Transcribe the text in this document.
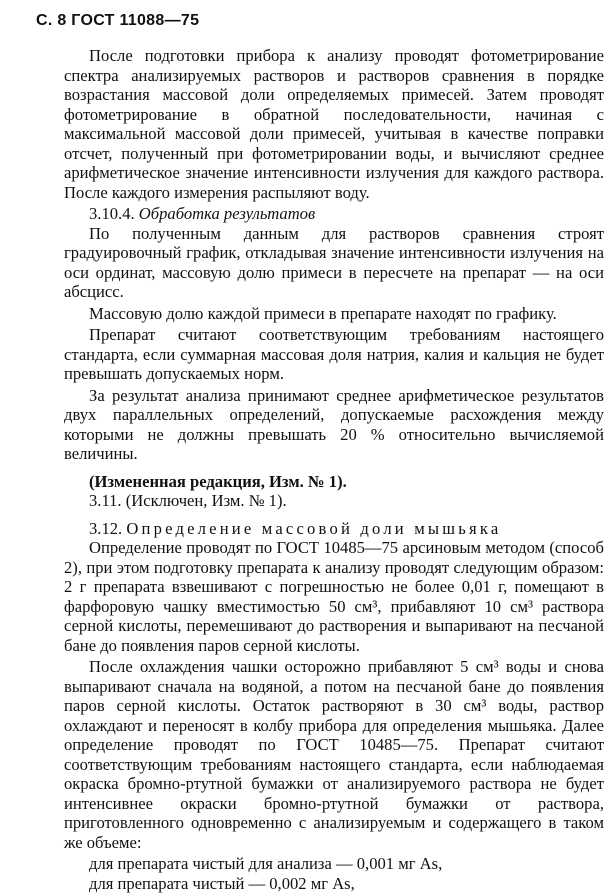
С. 8 ГОСТ 11088—75

После подготовки прибора к анализу проводят фотометрирование спектра анализируемых растворов и растворов сравнения в порядке возрастания массовой доли определяемых примесей. Затем проводят фотометрирование в обратной последовательности, начиная с максимальной массовой доли примесей, учитывая в качестве поправки отсчет, полученный при фотометрировании воды, и вычисляют среднее арифметическое значение интенсивности излучения для каждого раствора. После каждого измерения распыляют воду.

3.10.4. Обработка результатов

По полученным данным для растворов сравнения строят градуировочный график, откладывая значение интенсивности излучения на оси ординат, массовую долю примеси в пересчете на препарат — на оси абсцисс.

Массовую долю каждой примеси в препарате находят по графику.

Препарат считают соответствующим требованиям настоящего стандарта, если суммарная массовая доля натрия, калия и кальция не будет превышать допускаемых норм.

За результат анализа принимают среднее арифметическое результатов двух параллельных определений, допускаемые расхождения между которыми не должны превышать 20 % относительно вычисляемой величины.

(Измененная редакция, Изм. № 1).

3.11. (Исключен, Изм. № 1).

3.12. Определение массовой доли мышьяка

Определение проводят по ГОСТ 10485—75 арсиновым методом (способ 2), при этом подготовку препарата к анализу проводят следующим образом: 2 г препарата взвешивают с погрешностью не более 0,01 г, помещают в фарфоровую чашку вместимостью 50 см³, прибавляют 10 см³ раствора серной кислоты, перемешивают до растворения и выпаривают на песчаной бане до появления паров серной кислоты.

После охлаждения чашки осторожно прибавляют 5 см³ воды и снова выпаривают сначала на водяной, а потом на песчаной бане до появления паров серной кислоты. Остаток растворяют в 30 см³ воды, раствор охлаждают и переносят в колбу прибора для определения мышьяка. Далее определение проводят по ГОСТ 10485—75. Препарат считают соответствующим требованиям настоящего стандарта, если наблюдаемая окраска бромно-ртутной бумажки от анализируемого раствора не будет интенсивнее окраски бромно-ртутной бумажки от раствора, приготовленного одновременно с анализируемым и содержащего в таком же объеме:

для препарата чистый для анализа — 0,001 мг As,

для препарата чистый — 0,002 мг As,
